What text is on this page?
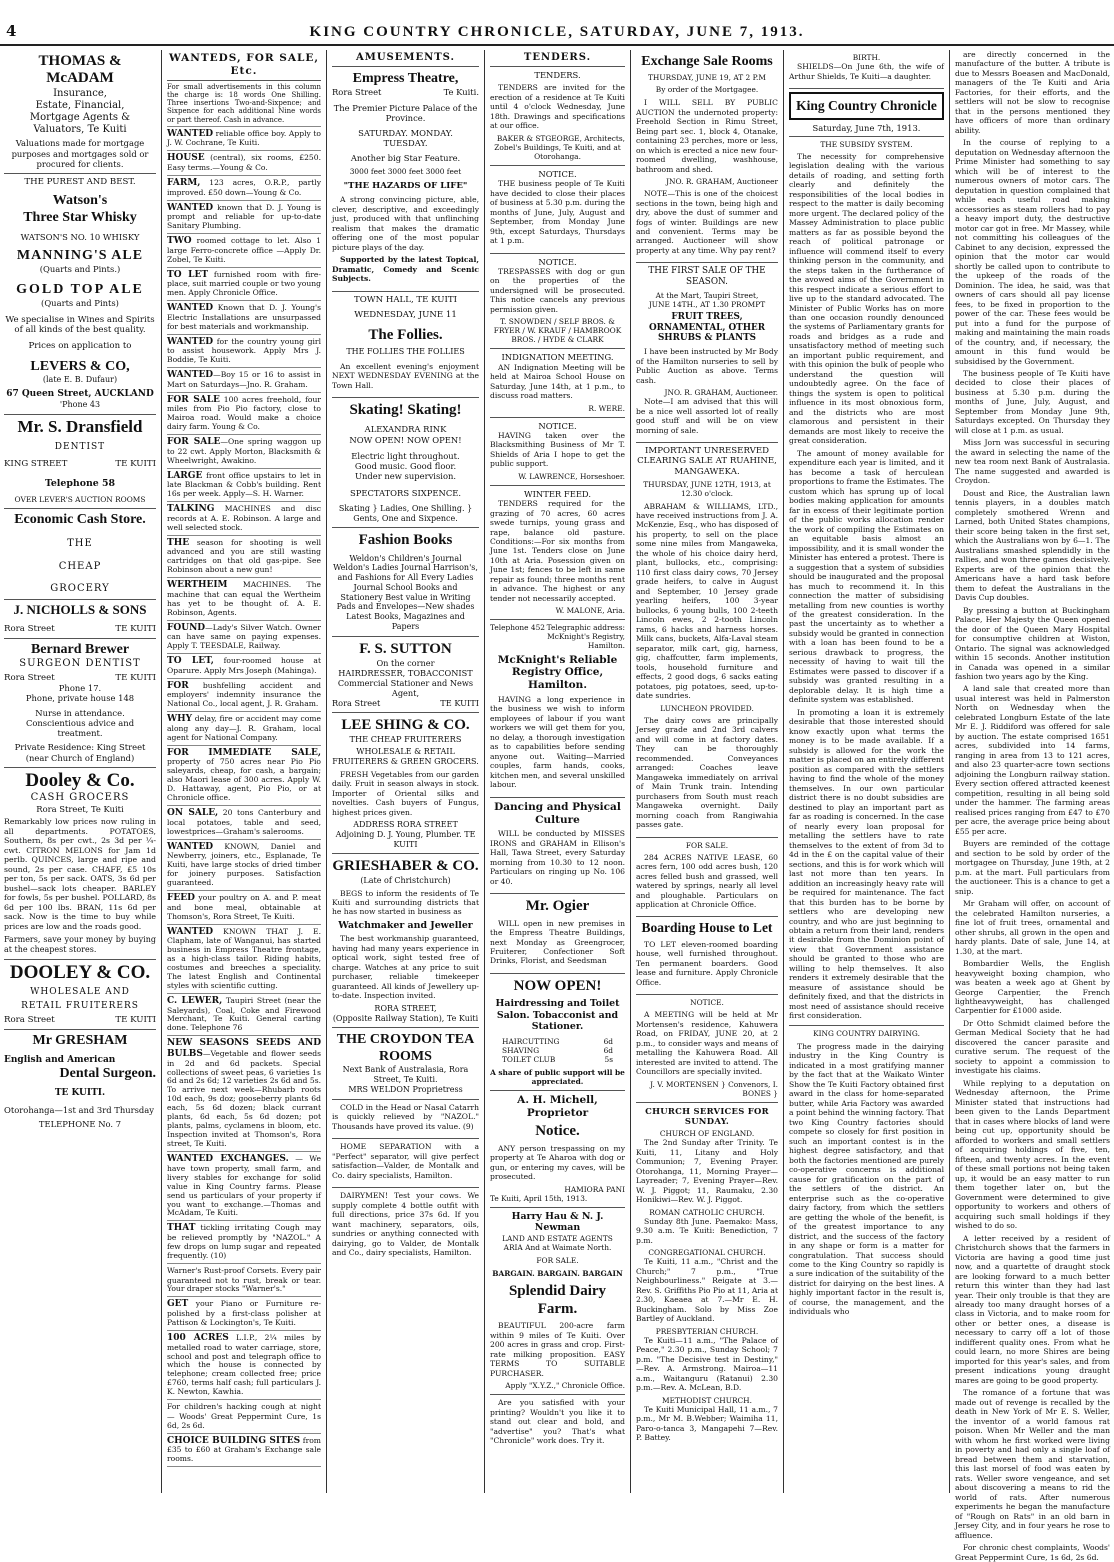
4	KING COUNTRY CHRONICLE, SATURDAY, JUNE 7, 1913.
THOMAS & McADAM
Insurance,
Estate, Financial,
Mortgage Agents &
Valuators, Te Kuiti
Valuations made for mortgage purposes and mortgages sold or procured for clients.
THE PUREST AND BEST.
Watson's
Three Star Whisky
WATSON'S NO. 10 WHISKY
MANNING'S ALE
(Quarts and Pints.)
GOLD TOP ALE
(Quarts and Pints)
We specialise in Wines and Spirits of all kinds of the best quality.
Prices on application to
LEVERS & CO,
(late E. B. Dufaur)
67 Queen Street, AUCKLAND
'Phone 43
Mr. S. Dransfield
DENTIST
KING STREET	TE KUITI
Telephone 58
OVER LEVER'S AUCTION ROOMS
Economic Cash Store.
THE
CHEAP
GROCERY
J. NICHOLLS & SONS
Rora Street	TE KUITI
Bernard Brewer
SURGEON DENTIST
Rora Street	TE KUITI
Phone 17.
Phone, private house 148
Nurse in attendance.
Conscientious advice and treatment.
Private Residence: King Street (near Church of England)
Dooley & Co.
CASH GROCERS
Rora Street, Te Kuiti
Remarkably low prices now ruling in all departments. POTATOES, Southern, 8s per cwt., 2s 3d per ¼-cwt. CITRON MELONS for Jam 1d perlb. QUINCES, large and ripe and sound, 2s per case. CHAFF, £5 10s per ton, 5s per sack. OATS, 3s 6d per bushel—sack lots cheaper. BARLEY for fowls, 5s per bushel. POLLARD, 8s 6d per 100 lbs. BRAN, 11s 6d per sack. Now is the time to buy while prices are low and the roads good.
Farmers, save your money by buying at the cheapest stores.
DOOLEY & CO.
WHOLESALE AND
RETAIL FRUITERERS
Rora Street	TE KUITI
Mr GRESHAM
English and American
Dental Surgeon.
TE KUITI.
Otorohanga—1st and 3rd Thursday
TELEPHONE No. 7
WANTEDS, FOR SALE, Etc.
For small advertisements in this column the charge is: 18 words One Shilling. Three insertions Two-and-Sixpence; and Sixpence for each additional Nine words or part thereof. Cash in advance.
WANTED reliable office boy. Apply to J. W. Cochrane, Te Kuiti.
HOUSE (central), six rooms, £250. Easy terms.—Young & Co.
FARM, 123 acres, O.R.P., partly improved. £50 down—Young & Co.
WANTED known that D. J. Young is prompt and reliable for up-to-date Sanitary Plumbing.
TWO roomed cottage to let. Also 1 large Ferro-concrete office —Apply Dr. Zobel, Te Kuiti.
TO LET furnished room with fire-place, suit married couple or two young men. Apply Chronicle Office.
WANTED Known that D. J. Young's Electric Installations are unsurpassed for best materials and workmanship.
WANTED for the country young girl to assist housework. Apply Mrs J. Boddie, Te Kuiti.
WANTED—Boy 15 or 16 to assist in Mart on Saturdays—Jno. R. Graham.
FOR SALE 100 acres freehold, four miles from Pio Pio factory, close to Mairoa road. Would make a choice dairy farm. Young & Co.
FOR SALE—One spring waggon up to 22 cwt. Apply Morton, Blacksmith & Wheelwright, Awakino.
LARGE front office upstairs to let in late Blackman & Cobb's building. Rent 16s per week. Apply—S. H. Warner.
TALKING MACHINES and disc records at A. E. Robinson. A large and well selected stock.
THE season for shooting is well advanced and you are still wasting cartridges on that old gas-pipe. See Robinson about a new gun!
WERTHEIM MACHINES. The machine that can equal the Wertheim has yet to be thought of. A. E. Robinson, Agents.
FOUND—Lady's Silver Watch. Owner can have same on paying expenses. Apply T. TEESDALE, Railway.
TO LET, four-roomed house at Oparure. Apply Mrs Joseph (Mahinga).
FOR bushfelling accident and employers' indemnity insurance the National Co., local agent, J. R. Graham.
WHY delay, fire or accident may come along any day—J. R. Graham, local agent for National Company.
FOR IMMEDIATE SALE, property of 750 acres near Pio Pio saleyards, cheap, for cash, a bargain; also Maori lease of 300 acres. Apply W. D. Hattaway, agent, Pio Pio, or at Chronicle office.
ON SALE, 20 tons Canterbury and local potatoes, table and seed, lowestprices—Graham's salerooms.
WANTED KNOWN, Daniel and Newberry, joiners, etc., Esplanade, Te Kuiti, have large stocks of dried timber for joinery purposes. Satisfaction guaranteed.
FEED your poultry on A. and P. meat and bone meal, obtainable at Thomson's, Rora Street, Te Kuiti.
WANTED KNOWN THAT J. E. Clapham, late of Wanganui, has started business in Empress Theatre frontage, as a high-class tailor. Riding habits, costumes and breeches a speciality. The latest English and Continental styles with scientific cutting.
C. LEWER, Taupiri Street (near the Saleyards), Coal, Coke and Firewood Merchant, Te Kuiti. General carting done. Telephone 76
NEW SEASONS SEEDS AND BULBS—Vegetable and flower seeds in 2d and 6d packets. Special collections of sweet peas, 6 varieties 1s 6d and 2s 6d; 12 varieties 2s 6d and 5s. To arrive next week—Rhubarb roots 10d each, 9s doz; gooseberry plants 6d each, 5s 6d dozen; black currant plants, 6d each, 5s 6d dozen; pot plants, palms, cyclamens in bloom, etc. Inspection invited at Thomson's, Rora street, Te Kuiti.
WANTED EXCHANGES. — We have town property, small farm, and livery stables for exchange for solid value in King Country farms. Please send us particulars of your property if you want to exchange.—Thomas and McAdam, Te Kuiti.
THAT tickling irritating Cough may be relieved promptly by "NAZOL." A few drops on lump sugar and repeated frequently. (10)
Warner's Rust-proof Corsets. Every pair guaranteed not to rust, break or tear. Your draper stocks "Warner's."
GET your Piano or Furniture re-polished by a first-class polisher at Pattison & Lockington's, Te Kuiti.
100 ACRES L.I.P., 2¼ miles by metalled road to water carriage, store, school and post and telegraph office to which the house is connected by telephone; cream collected free; price £760, terms half cash; full particulars J. K. Newton, Kawhia.
For children's hacking cough at night — Woods' Great Peppermint Cure, 1s 6d, 2s 6d.
CHOICE BUILDING SITES from £35 to £60 at Graham's Exchange sale rooms.
AMUSEMENTS.
Empress Theatre,
Rora Street	Te Kuiti.
The Premier Picture Palace of the Province.
SATURDAY. MONDAY.
TUESDAY.
Another big Star Feature.
3000 feet 3000 feet 3000 feet
"THE HAZARDS OF LIFE"
A strong convincing picture, able, clever, descriptive, and exceedingly just, produced with that unflinching realism that makes the dramatic offering one of the most popular picture plays of the day.
Supported by the latest Topical, Dramatic, Comedy and Scenic Subjects.
TOWN HALL, TE KUITI
WEDNESDAY, JUNE 11
The Follies.
THE FOLLIES THE FOLLIES
An excellent evening's enjoyment NEXT WEDNESDAY EVENING at the Town Hall.
Skating! Skating!
ALEXANDRA RINK
NOW OPEN! NOW OPEN!
Electric light throughout.
Good music. Good floor.
Under new supervision.
SPECTATORS SIXPENCE.
Skating } Ladies, One Shilling. } Gents, One and Sixpence.
Fashion Books
Weldon's Children's Journal Weldon's Ladies Journal Harrison's, and Fashions for All Every Ladies Journal School Books and Stationery Best value in Writing Pads and Envelopes—New shades Latest Books, Magazines and Papers
F. S. SUTTON
On the corner
HAIRDRESSER, TOBACCONIST
Commercial Stationer and News Agent,
Rora Street	TE KUITI
LEE SHING & CO.
THE CHEAP FRUITERERS
WHOLESALE & RETAIL FRUITERERS & GREEN GROCERS.
FRESH Vegetables from our garden daily. Fruit in season always in stock. Importer of Oriental silks and novelties. Cash buyers of Fungus, highest prices given.
ADDRESS RORA STREET
Adjoining D. J. Young, Plumber. TE KUITI
GRIESHABER & CO.
(Late of Christchurch)
BEGS to inform the residents of Te Kuiti and surrounding districts that he has now started in business as
Watchmaker and Jeweller
The best workmanship guaranteed, having had many years experience in optical work, sight tested free of charge. Watches at any price to suit purchaser, reliable timekeeper guaranteed. All kinds of Jewellery up-to-date. Inspection invited.
RORA STREET,
(Opposite Railway Station), Te Kuiti
THE CROYDON TEA ROOMS
Next Bank of Australasia, Rora Street, Te Kuiti.
MRS WELDON Proprietress
COLD in the Head or Nasal Catarrh is quickly relieved by "NAZOL." Thousands have proved its value. (9)
HOME SEPARATION with a "Perfect" separator, will give perfect satisfaction—Valder, de Montalk and Co. dairy specialists, Hamilton.
DAIRYMEN! Test your cows. We supply complete 4 bottle outfit with full directions, price 37s 6d. If you want machinery, separators, oils, sundries or anything connected with dairying, go to Valder, de Montalk and Co., dairy specialists, Hamilton.
TENDERS.
TENDERS.
TENDERS are invited for the erection of a residence at Te Kuiti until 4 o'clock Wednesday, June 18th. Drawings and specifications at our office.
BAKER & STGEORGE, Architects,
Zobel's Buildings, Te Kuiti, and at Otorohanga.
NOTICE.
THE business people of Te Kuiti have decided to close their places of business at 5.30 p.m. during the months of June, July, August and September, from Monday June 9th, except Saturdays, Thursdays at 1 p.m.
NOTICE.
TRESPASSES with dog or gun on the properties of the undersigned will be prosecuted. This notice cancels any previous permission given.
T. SNOWDEN / SELF BROS. & FRYER / W. KRAUF / HAMBROOK BROS. / HYDE & CLARK
INDIGNATION MEETING.
AN Indignation Meeting will be held at Mairoa School House on Saturday, June 14th, at 1 p.m., to discuss road matters.
R. WERE.
NOTICE.
HAVING taken over the Blacksmithing Business of Mr T. Shields of Aria I hope to get the public support.
W. LAWRENCE, Horseshoer.
WINTER FEED.
TENDERS required for the grazing of 70 acres, 60 acres swede turnips, young grass and rape, balance old pasture. Conditions:—For six months from June 1st. Tenders close on June 10th at Aria. Posession given on June 1st; fences to be left in same repair as found; three months rent in advance. The highest or any tender not necessarily accepted.
W. MALONE, Aria.
Telephone 452 Telegraphic address: McKnight's Registry, Hamilton.
McKnight's Reliable Registry Office, Hamilton.
HAVING a long experience in the business we wish to inform employees of labour if you want workers we will get them for you, no delay, a thorough investigation as to capabilities before sending anyone out. Waiting—Married couples, farm hands, cooks, kitchen men, and several unskilled labour.
Dancing and Physical Culture
WILL be conducted by MISSES IRONS and GRAHAM in Ellison's Hall, Tawa Street, every Saturday morning from 10.30 to 12 noon. Particulars on ringing up No. 106 or 40.
Mr. Ogier
WILL open in new premises in the Empress Theatre Buildings, next Monday as Greengrocer, Fruiterer, Confectioner Soft Drinks, Florist, and Seedsman
NOW OPEN!
Hairdressing and Toilet Salon. Tobacconist and Stationer.
HAIRCUTTING	6d
SHAVING	6d
TOILET CLUB	5s
A share of public support will be appreciated.
A. H. Michell, Proprietor
Notice.
ANY person trespassing on my property at Te Aharoa with dog or gun, or entering my caves, will be prosecuted.
HAMIORA PANI
Te Kuiti, April 15th, 1913.
Harry Hau & N. J. Newman
LAND AND ESTATE AGENTS
ARIA And at Waimate North.
FOR SALE.
BARGAIN. BARGAIN. BARGAIN
Splendid Dairy Farm.
BEAUTIFUL 200-acre farm within 9 miles of Te Kuiti. Over 200 acres in grass and crop. First-rate milking proposition. EASY TERMS TO SUITABLE PURCHASER.
Apply "X.Y.Z.," Chronicle Office.
Are you satisfied with your printing? Wouldn't you like it to stand out clear and bold, and "advertise" you? That's what "Chronicle" work does. Try it.
Exchange Sale Rooms
THURSDAY, JUNE 19, AT 2 P.M
By order of the Mortgagee.
I WILL SELL BY PUBLIC AUCTION the undernoted property: Freehold Section in Rimu Street, Being part sec. 1, block 4, Otanake, containing 23 perches, more or less, on which is erected a nice new four-roomed dwelling, washhouse, bathroom and shed.
JNO. R. GRAHAM, Auctioneer
NOTE—This is one of the choicest sections in the town, being high and dry, above the dust of summer and fogs of winter. Buildings are new and convenient. Terms may be arranged. Auctioneer will show property at any time. Why pay rent?
THE FIRST SALE OF THE SEASON.
At the Mart, Taupiri Street,
JUNE 14TH., AT 1.30 PROMPT
FRUIT TREES, ORNAMENTAL, OTHER SHRUBS & PLANTS
I have been instructed by Mr Body of the Hamilton nurseries to sell by Public Auction as above. Terms cash.
JNO. R. GRAHAM, Auctioneer.
Note—I am advised that this will be a nice well assorted lot of really good stuff and will be on view morning of sale.
IMPORTANT UNRESERVED CLEARING SALE AT RUAHINE, MANGAWEKA.
THURSDAY, JUNE 12TH, 1913, at 12.30 o'clock.
ABRAHAM & WILLIAMS, LTD., have received instructions from J. A. McKenzie, Esq., who has disposed of his property, to sell on the place some nine miles from Mangaweka, the whole of his choice dairy herd, plant, bullocks, etc., comprising: 110 first class dairy cows, 70 Jersey grade heifers, to calve in August and September, 10 Jersey grade yearling heifers, 100 3-year bullocks, 6 young bulls, 100 2-teeth Lincoln ewes, 2 2-tooth Lincoln rams, 6 hacks and harness horses. Milk cans, buckets, Alfa-Laval steam separator, milk cart, gig, harness, gig, chaffcutter, farm implements, tools, household furniture and effects, 2 good dogs, 6 sacks eating potatoes, pig potatoes, seed, up-to-date sundries.
LUNCHEON PROVIDED.
The dairy cows are principally Jersey grade and 2nd 3rd calvers and will come in at factory dates. They can be thoroughly recommended. Conveyances arranged: Coaches leave Mangaweka immediately on arrival of Main Trunk train. Intending purchasers from South must reach Mangaweka overnight. Daily morning coach from Rangiwahia passes gate.
FOR SALE.
284 ACRES NATIVE LEASE, 60 acres fern, 100 odd acres bush, 120 acres felled bush and grassed, well watered by springs, nearly all level and ploughable. Particulars on application at Chronicle Office.
Boarding House to Let
TO LET eleven-roomed boarding house, well furnished throughout. Ten permanent boarders. Good lease and furniture. Apply Chronicle Office.
NOTICE.
A MEETING will be held at Mr Mortensen's residence, Kahuwera Road, on FRIDAY, JUNE 20, at 2 p.m., to consider ways and means of metalling the Kahuwera Road. All interested are invited to attend. The Councillors are specially invited.
J. V. MORTENSEN } Convenors, I. BONES }
CHURCH SERVICES FOR SUNDAY.
CHURCH OF ENGLAND.
The 2nd Sunday after Trinity. Te Kuiti, 11, Litany and Holy Communion; 7, Evening Prayer. Otorohanga, 11, Morning Prayer—Layreader; 7, Evening Prayer—Rev. W. J. Piggot; 11, Raumaku, 2.30 Honikiwi—Rev. W. J. Piggot.
ROMAN CATHOLIC CHURCH.
Sunday 8th June. Paemako: Mass, 9.30 a.m. Te Kuiti: Benediction, 7 p.m.
CONGREGATIONAL CHURCH.
Te Kuiti, 11 a.m., "Christ and the Church;" 7 p.m., "True Neighbourliness." Reigate at 3.—Rev. S. Griffiths Pio Pio at 11, Aria at 2.30, Kaeaea at 7.—Mr E. H. Buckingham. Solo by Miss Zoe Bartley of Auckland.
PRESBYTERIAN CHURCH.
Te Kuiti—11 a.m., "The Palace of Peace," 2.30 p.m., Sunday School; 7 p.m. "The Decisive test in Destiny," —Rev. A. Armstrong. Mairoa—11 a.m., Waitanguru (Ratanui) 2.30 p.m.—Rev. A. McLean, B.D.
METHODIST CHURCH.
Te Kuiti Municipal Hall, 11 a.m., 7 p.m., Mr M. B.Webber; Waimiha 11, Paro-o-tanca 3, Mangapehi 7—Rev. P. Battey.
BIRTH.
SHIELDS—On June 6th, the wife of Arthur Shields, Te Kuiti—a daughter.
King Country Chronicle
Saturday, June 7th, 1913.
THE SUBSIDY SYSTEM.
The necessity for comprehensive legislation dealing with the various details of roading, and setting forth clearly and definitely the responsibilities of the local bodies in respect to the matter is daily becoming more urgent. The declared policy of the Massey Administration to place public matters as far as possible beyond the reach of political patronage or influence will commend itself to every thinking person in the community, and the steps taken in the furtherance of the avowed aims of the Government in this respect indicate a serious effort to live up to the standard advocated. The Minister of Public Works has on more than one occasion roundly denounced the systems of Parliamentary grants for roads and bridges as a rude and unsatisfactory method of meeting such an important public requirement, and with this opinion the bulk of people who understand the question will undoubtedly agree. On the face of things the system is open to political influence in its most obnoxious form, and the districts who are most clamorous and persistent in their demands are most likely to receive the great consideration.
The amount of money available for expenditure each year is limited, and it has become a task of herculean proportions to frame the Estimates. The custom which has sprung up of local bodies making application for amounts far in excess of their legitimate portion of the public works allocation render the work of compiling the Estimates on an equitable basis almost an impossibility, and it is small wonder the Minister has entered a protest. There is a suggestion that a system of subsidies should be inaugurated and the proposal has much to recommend it. In this connection the matter of subsidising metalling from new counties is worthy of the greatest consideration. In the past the uncertainty as to whether a subsidy would be granted in connection with a loan has been found to be a serious drawback to progress, the necessity of having to wait till the Estimates were passed to discover if a subsidy was granted resulting in a deplorable delay. It is high time a definite system was established.
In promoting a loan it is extremely desirable that those interested should know exactly upon what terms the money is to be made available. If a subsidy is allowed for the work the matter is placed on an entirely different position as compared with the settlers having to find the whole of the money themselves. In our own particular district there is no doubt subsidies are destined to play an important part as far as roading is concerned. In the case of nearly every loan proposal for metalling the settlers have to rate themselves to the extent of from 3d to 4d in the £ on the capital value of their sections, and this is for work which will last not more than ten years. In addition an increasingly heavy rate will be required for maintenance. The fact that this burden has to be borne by settlers who are developing new country, and who are just beginning to obtain a return from their land, renders it desirable from the Dominion point of view that Government assistance should be granted to those who are willing to help themselves. It also renders it extremely desirable that the measure of assistance should be definitely fixed, and that the districts in most need of assistance should receive first consideration.
KING COUNTRY DAIRYING.
The progress made in the dairying industry in the King Country is indicated in a most gratifying manner by the fact that at the Waikato Winter Show the Te Kuiti Factory obtained first award in the class for home-separated butter, while Aria Factory was awarded a point behind the winning factory. That two King Country factories should compete so closely for first position in such an important contest is in the highest degree satisfactory, and that both the factories mentioned are purely co-operative concerns is additional cause for gratification on the part of the settlers of the district. An enterprise such as the co-operative dairy factory, from which the settlers are getting the whole of the benefit, is of the greatest importance to any district, and the success of the factory in any shape or form is a matter for congratulation. That success should come to the King Country so rapidly is a sure indication of the suitability of the district for dairying on the best lines. A highly important factor in the result is, of course, the management, and the individuals who
are directly concerned in the manufacture of the butter. A tribute is due to Messrs Boeasen and MacDonald, managers of the Te Kuiti and Aria Factories, for their efforts, and the settlers will not be slow to recognise that in the persons mentioned they have officers of more than ordinary ability.
In the course of replying to a deputation on Wednesday afternoon the Prime Minister had something to say which will be of interest to the numerous owners of motor cars. The deputation in question complained that while each useful road making accessories as steam rollers had to pay a heavy import duty, the destructive motor car got in free. Mr Massey, while not committing his colleagues of the Cabinet to any decision, expressed the opinion that the motor car would shortly be called upon to contribute to the upkeep of the roads of the Dominion. The idea, he said, was that owners of cars should all pay license fees, to be fixed in proportion to the power of the car. These fees would be put into a fund for the purpose of making and maintaining the main roads of the country, and, if necessary, the amount in this fund would be subsidised by the Government.
The business people of Te Kuiti have decided to close their places of business at 5.30 p.m. during the months of June, July, August, and September from Monday June 9th, Saturdays excepted. On Thursday they will close at 1 p.m. as usual.
Miss Jorn was successful in securing the award in selecting the name of the new tea room next Bank of Australasia. The name suggested and awarded is Croydon.
Doust and Rice, the Australian lawn tennis players, in a doubles match completely smothered Wrenn and Larned, both United States champions, their score being taken in the first set, which the Australians won by 6—1. The Australians smashed splendidly in the rallies, and won three games decisively. Experts are of the opinion that the Americans have a hard task before them to defeat the Australians in the Davis Cup doubles.
By pressing a button at Buckingham Palace, Her Majesty the Queen opened the door of the Queen Mary Hospital for consumptive children at Wiston, Ontario. The signal was acknowledged within 15 seconds. Another institution in Canada was opened in a similar fashion two years ago by the King.
A land sale that created more than usual interest was held in Palmerston North on Wednesday when the celebrated Longburn Estate of the late Mr E. J. Riddiford was offered for sale by auction. The estate comprised 1651 acres, subdivided into 14 farms, ranging in area from 13 to 121 acres, and also 23 quarter-acre town sections adjoining the Longburn railway station. Every section offered attracted keenest competition, resulting in all being sold under the hammer. The farming areas realised prices ranging from £47 to £70 per acre, the average price being about £55 per acre.
Buyers are reminded of the cottage and section to be sold by order of the mortgagee on Thursday, June 19th, at 2 p.m. at the mart. Full particulars from the auctioneer. This is a chance to get a snip.
Mr Graham will offer, on account of the celebrated Hamilton nurseries, a fine lot of fruit trees, ornamental and other shrubs, all grown in the open and hardy plants. Date of sale, June 14, at 1.30, at the mart.
Bombardier Wells, the English heavyweight boxing champion, who was beaten a week ago at Ghent by George Carpentier, the French lightheavyweight, has challenged Carpentier for £1000 aside.
Dr Otto Schmidt claimed before the German Medical Society that he had discovered the cancer parasite and curative serum. The request of the society to appoint a commission to investigate his claims.
While replying to a deputation on Wednesday afternoon, the Prime Minister stated that instructions had been given to the Lands Department that in cases where blocks of land were being cut up, opportunity should be afforded to workers and small settlers of acquiring holdings of five, ten, fifteen, and twenty acres. In the event of these small portions not being taken up, it would be an easy matter to run them together later on, but the Government were determined to give opportunity to workers and others of acquiring such small holdings if they wished to do so.
A letter received by a resident of Christchurch shows that the farmers in Victoria are having a good time just now, and a quartette of draught stock are looking forward to a much better return this winter than they had last year. Their only trouble is that they are already too many draught horses of a class in Victoria, and to make room for other or better ones, a disease is necessary to carry off a lot of those indifferent quality ones. From what he could learn, no more Shires are being imported for this year's sales, and from present indications young draught mares are going to be good property.
The romance of a fortune that was made out of revenge is recalled by the death in New York of Mr E. S. Weller, the inventor of a world famous rat poison. When Mr Weller and the man with whom he first worked were living in poverty and had only a single loaf of bread between them and starvation, this last morsel of food was eaten by rats. Weller swore vengeance, and set about discovering a means to rid the world of rats. After numerous experiments he began the manufacture of "Rough on Rats" in an old barn in Jersey City, and in four years he rose to affluence.
For chronic chest complaints, Woods' Great Peppermint Cure, 1s 6d, 2s 6d.
